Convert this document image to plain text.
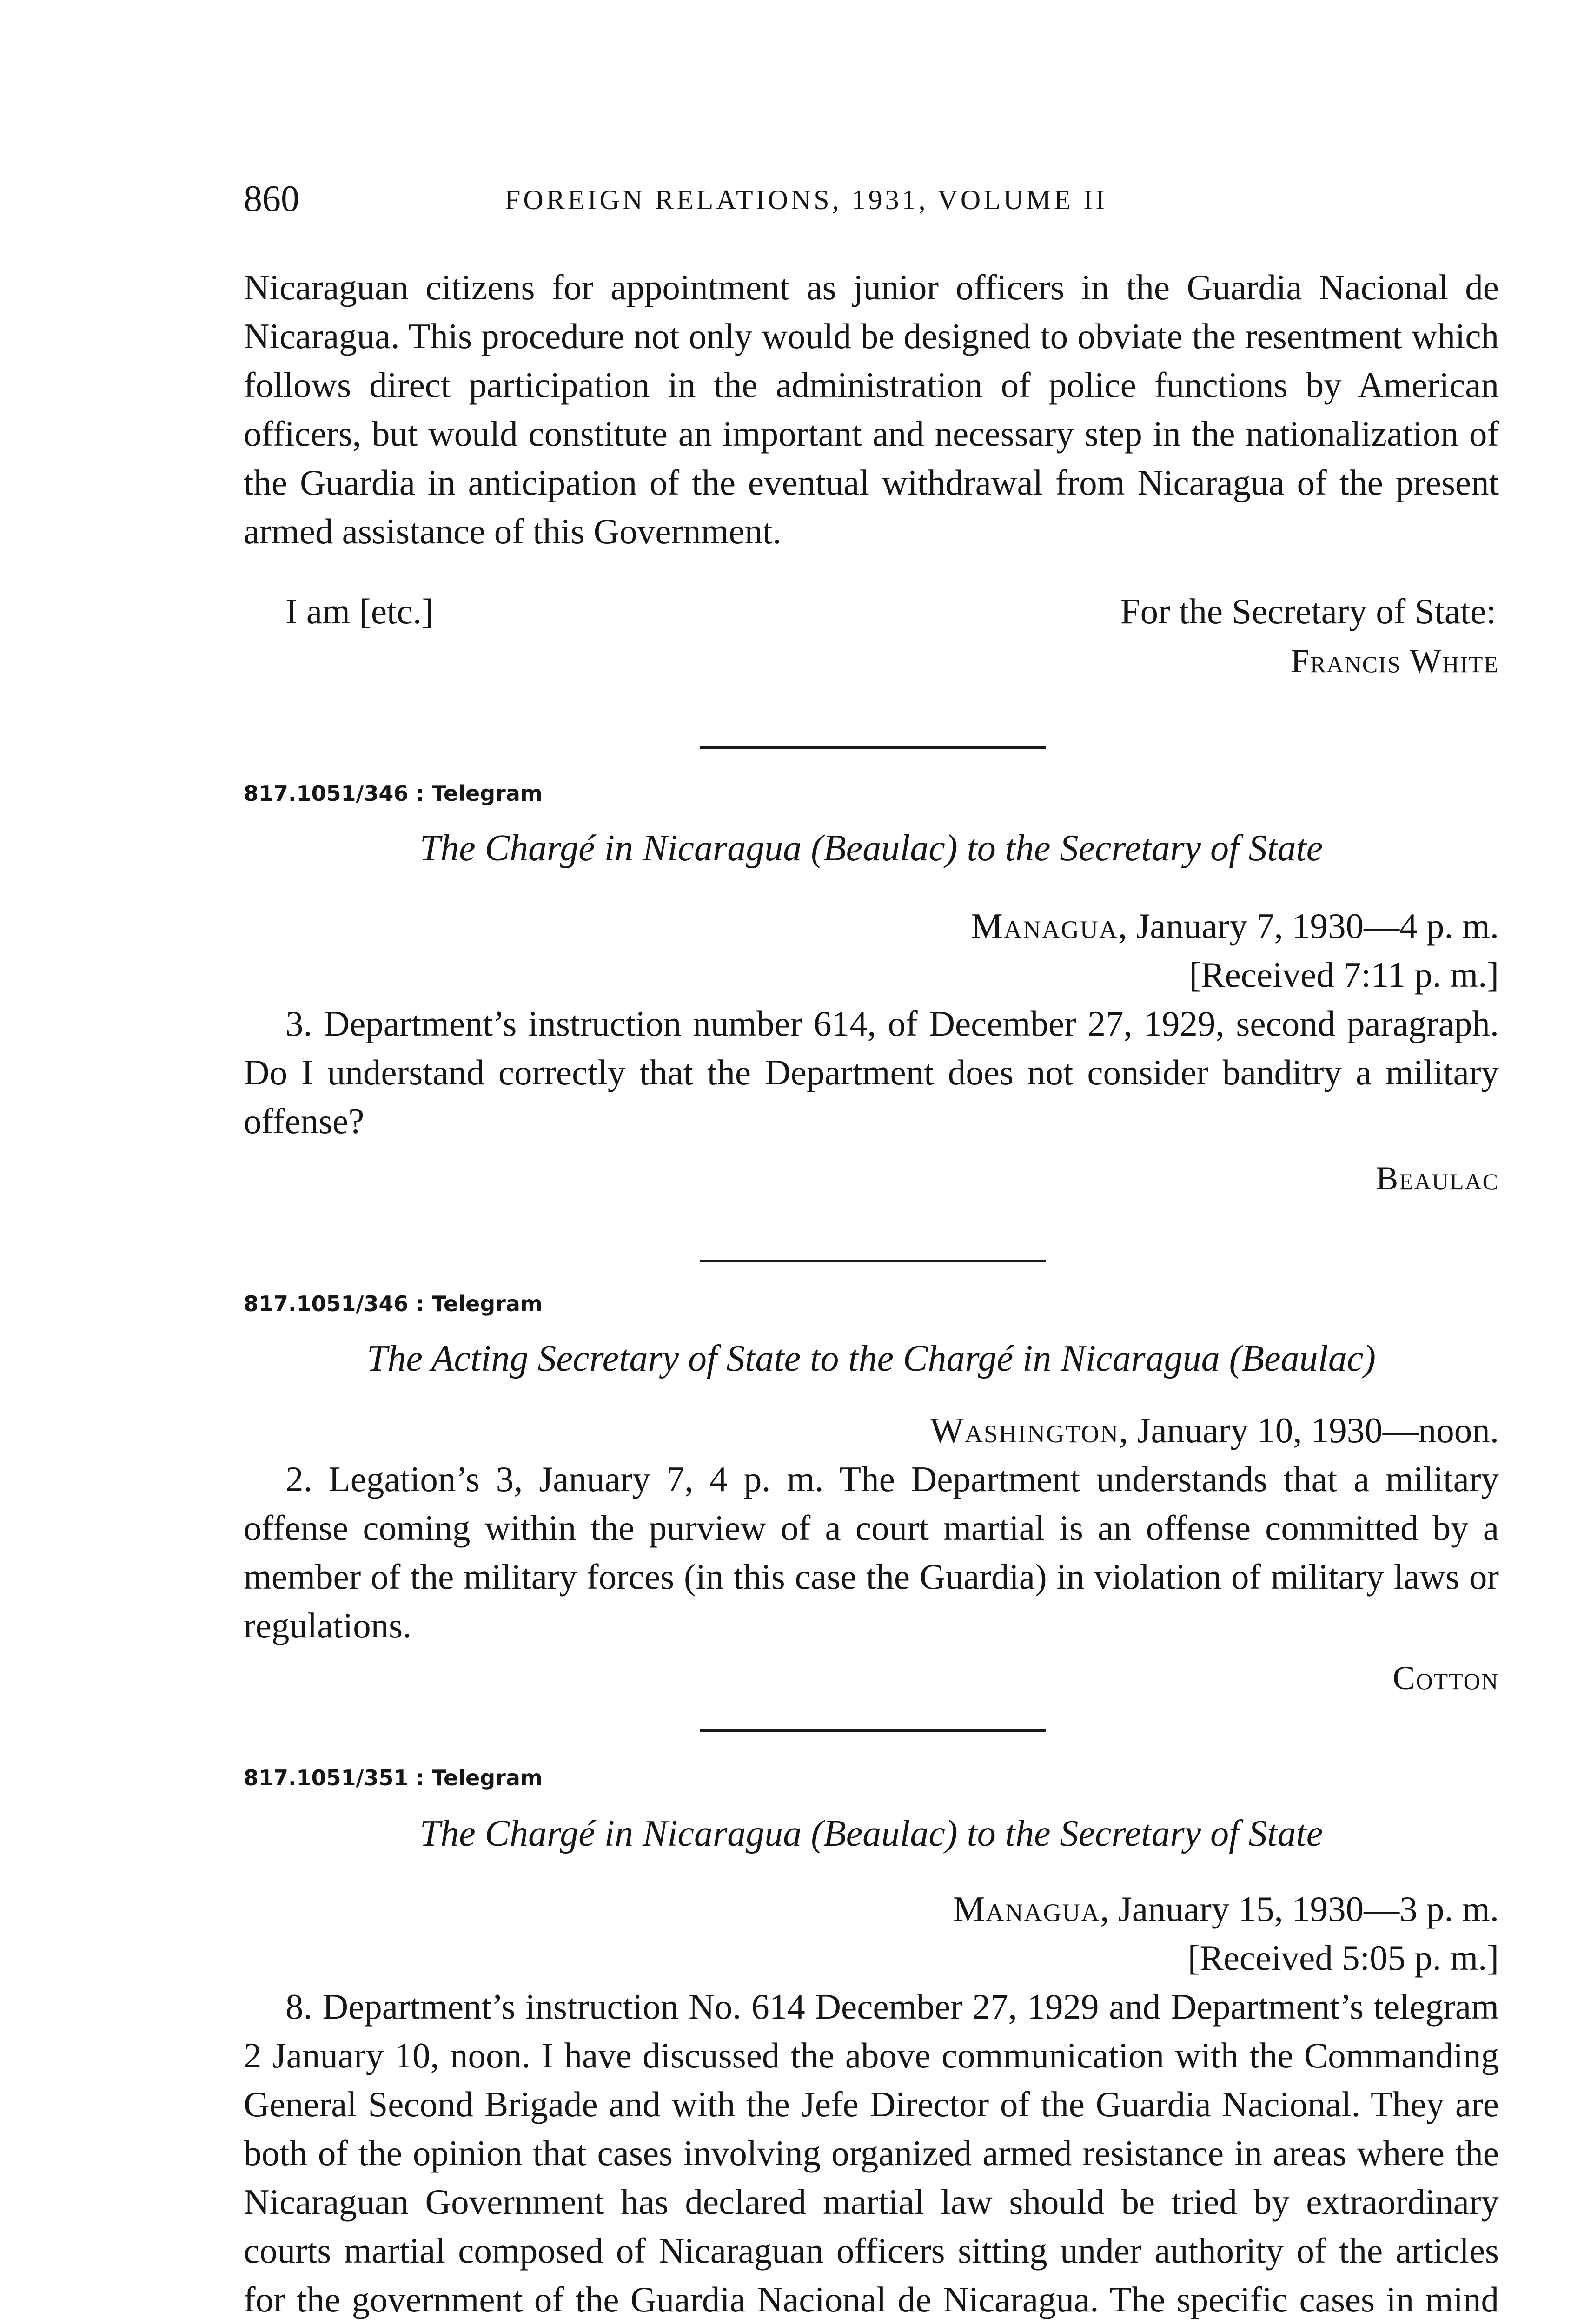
860	FOREIGN RELATIONS, 1931, VOLUME II
Nicaraguan citizens for appointment as junior officers in the Guardia Nacional de Nicaragua. This procedure not only would be designed to obviate the resentment which follows direct participation in the administration of police functions by American officers, but would constitute an important and necessary step in the nationalization of the Guardia in anticipation of the eventual withdrawal from Nicaragua of the present armed assistance of this Government.
I am [etc.]	For the Secretary of State:
Francis White
817.1051/346 : Telegram
The Chargé in Nicaragua (Beaulac) to the Secretary of State
Managua, January 7, 1930—4 p. m.
[Received 7:11 p. m.]
3. Department’s instruction number 614, of December 27, 1929, second paragraph. Do I understand correctly that the Department does not consider banditry a military offense?
Beaulac
817.1051/346 : Telegram
The Acting Secretary of State to the Chargé in Nicaragua (Beaulac)
Washington, January 10, 1930—noon.
2. Legation’s 3, January 7, 4 p. m. The Department understands that a military offense coming within the purview of a court martial is an offense committed by a member of the military forces (in this case the Guardia) in violation of military laws or regulations.
Cotton
817.1051/351 : Telegram
The Chargé in Nicaragua (Beaulac) to the Secretary of State
Managua, January 15, 1930—3 p. m.
[Received 5:05 p. m.]
8. Department’s instruction No. 614 December 27, 1929 and Department’s telegram 2 January 10, noon. I have discussed the above communication with the Commanding General Second Brigade and with the Jefe Director of the Guardia Nacional. They are both of the opinion that cases involving organized armed resistance in areas where the Nicaraguan Government has declared martial law should be tried by extraordinary courts martial composed of Nicaraguan officers sitting under authority of the articles for the government of the Guardia Nacional de Nicaragua. The specific cases in mind
